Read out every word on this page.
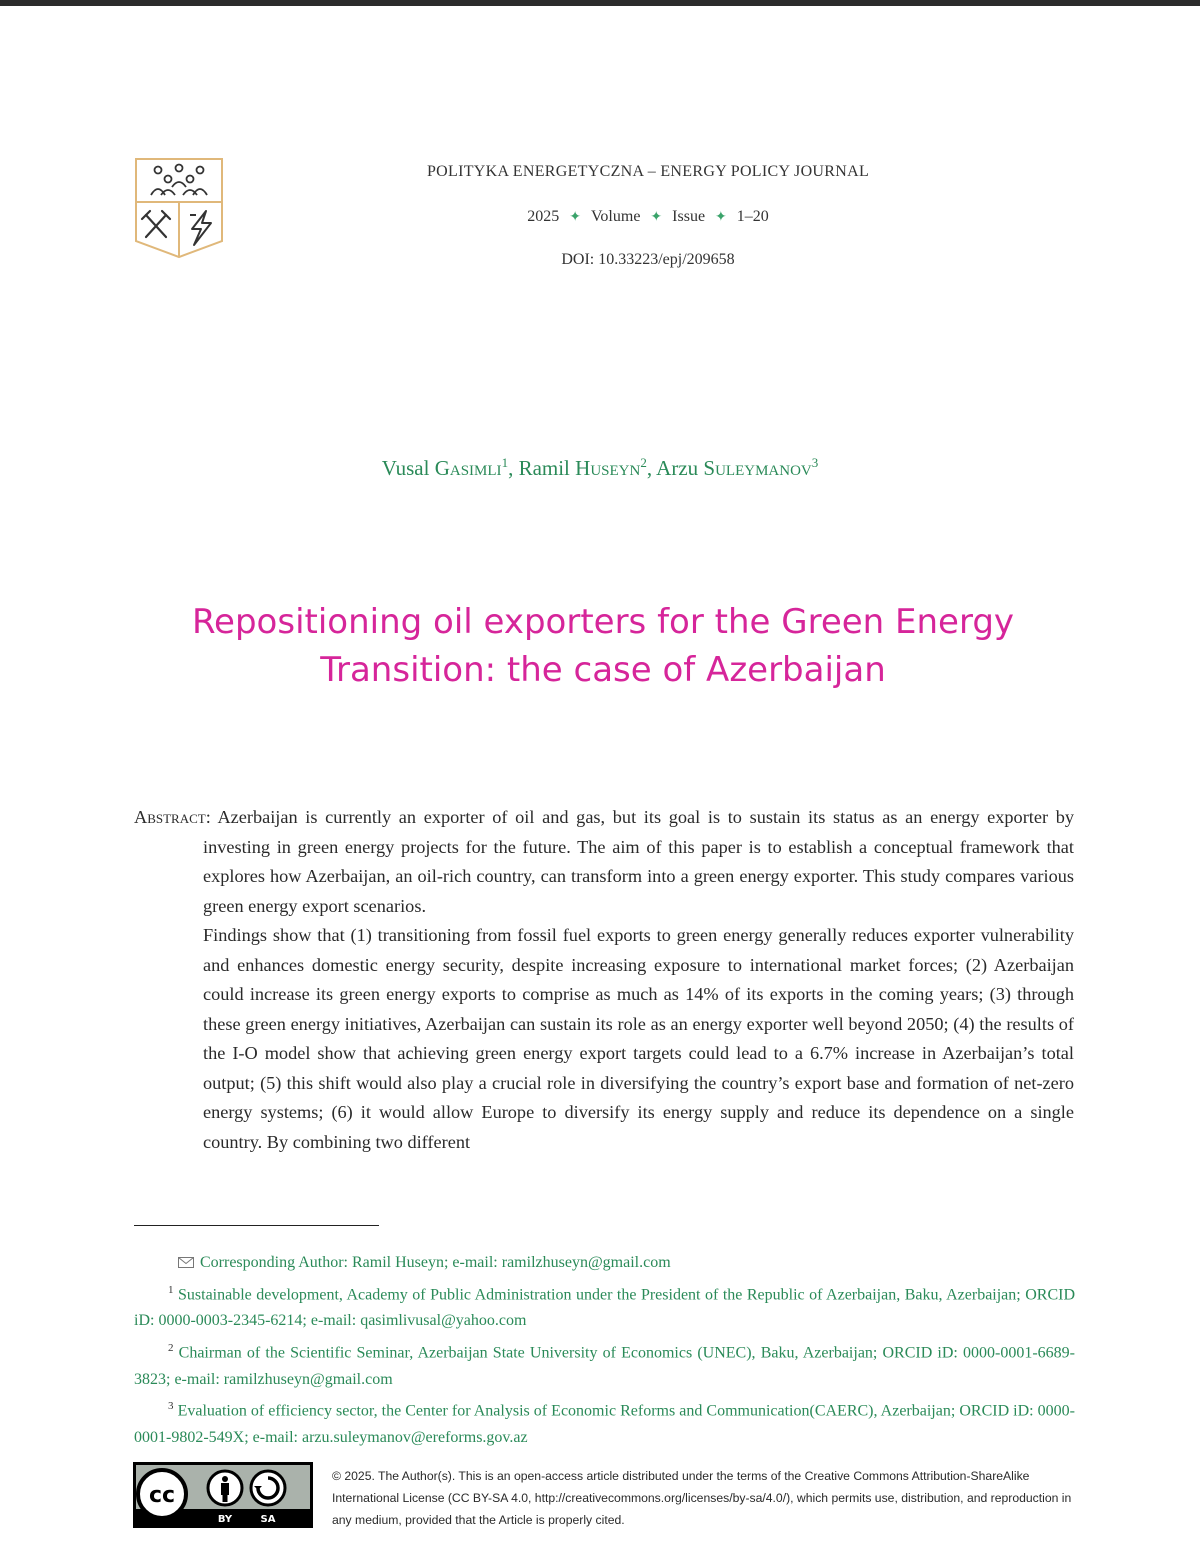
POLITYKA ENERGETYCZNA – ENERGY POLICY JOURNAL
2025 ✦ Volume ✦ Issue ✦ 1–20
DOI: 10.33223/epj/209658
Vusal Gasimli$^1$, Ramil Huseyn$^2$, Arzu Suleymanov$^3$
Repositioning oil exporters for the Green Energy
Transition: the case of Azerbaijan

Abstract: Azerbaijan is currently an exporter of oil and gas, but its goal is to sustain its status as an energy exporter by investing in green energy projects for the future. The aim of this paper is to establish a conceptual framework that explores how Azerbaijan, an oil-rich country, can transform into a green energy exporter. This study compares various green energy export scenarios.

Findings show that (1) transitioning from fossil fuel exports to green energy generally reduces exporter vulnerability and enhances domestic energy security, despite increasing exposure to international market forces; (2) Azerbaijan could increase its green energy exports to comprise as much as 14% of its exports in the coming years; (3) through these green energy initiatives, Azerbaijan can sustain its role as an energy exporter well beyond 2050; (4) the results of the I-O model show that achieving green energy export targets could lead to a 6.7% increase in Azerbaijan’s total output; (5) this shift would also play a crucial role in diversifying the country’s export base and formation of net-zero energy systems; (6) it would allow Europe to diversify its energy supply and reduce its dependence on a single country. By combining two different

Corresponding Author: Ramil Huseyn; e-mail: ramilzhuseyn@gmail.com

$^1$ Sustainable development, Academy of Public Administration under the President of the Republic of Azerbaijan, Baku, Azerbaijan; ORCID iD: 0000-0003-2345-6214; e-mail: qasimlivusal@yahoo.com

$^2$ Chairman of the Scientific Seminar, Azerbaijan State University of Economics (UNEC), Baku, Azerbaijan; ORCID iD: 0000-0001-6689-3823; e-mail: ramilzhuseyn@gmail.com

$^3$ Evaluation of efficiency sector, the Center for Analysis of Economic Reforms and Communication(CAERC), Azerbaijan; ORCID iD: 0000-0001-9802-549X; e-mail: arzu.suleymanov@ereforms.gov.az

cc
BY	SA
© 2025. The Author(s). This is an open-access article distributed under the terms of the Creative Commons Attribution-ShareAlike International License (CC BY-SA 4.0, http://creativecommons.org/licenses/by-sa/4.0/), which permits use, distribution, and reproduction in any medium, provided that the Article is properly cited.
